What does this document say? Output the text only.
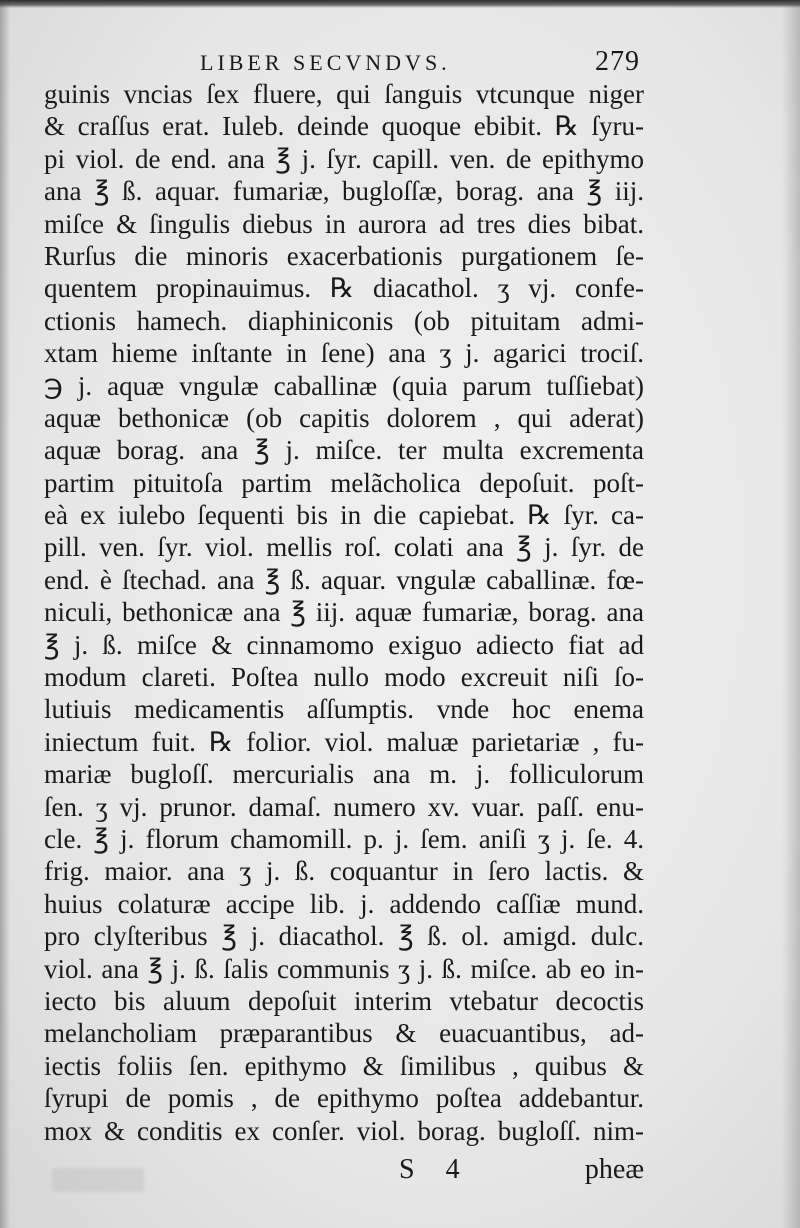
LIBER SECVNDVS.	279
guinis vncias ſex fluere, qui ſanguis vtcunque niger
& craſſus erat. Iuleb. deinde quoque ebibit. ℞ ſyru-
pi viol. de end. ana ℥ j. ſyr. capill. ven. de epithymo
ana ℥ ß. aquar. fumariæ, bugloſſæ, borag. ana ℥ iij.
miſce & ſingulis diebus in aurora ad tres dies bibat.
Rurſus die minoris exacerbationis purgationem ſe-
quentem propinauimus. ℞ diacathol. ʒ vj. confe-
ctionis hamech. diaphiniconis (ob pituitam admi-
xtam hieme inſtante in ſene) ana ʒ j. agarici trociſ.
℈ j. aquæ vngulæ caballinæ (quia parum tuſſiebat)
aquæ bethonicæ (ob capitis dolorem , qui aderat)
aquæ borag. ana ℥ j. miſce. ter multa excrementa
partim pituitoſa partim melãcholica depoſuit. poſt-
eà ex iulebo ſequenti bis in die capiebat. ℞ ſyr. ca-
pill. ven. ſyr. viol. mellis roſ. colati ana ℥ j. ſyr. de
end. è ſtechad. ana ℥ ß. aquar. vngulæ caballinæ. fœ-
niculi, bethonicæ ana ℥ iij. aquæ fumariæ, borag. ana
℥ j. ß. miſce & cinnamomo exiguo adiecto fiat ad
modum clareti. Poſtea nullo modo excreuit niſi ſo-
lutiuis medicamentis aſſumptis. vnde hoc enema
iniectum fuit. ℞ folior. viol. maluæ parietariæ , fu-
mariæ bugloſſ. mercurialis ana m. j. folliculorum
ſen. ʒ vj. prunor. damaſ. numero xv. vuar. paſſ. enu-
cle. ℥ j. florum chamomill. p. j. ſem. aniſi ʒ j. ſe. 4.
frig. maior. ana ʒ j. ß. coquantur in ſero lactis. &
huius colaturæ accipe lib. j. addendo caſſiæ mund.
pro clyſteribus ℥ j. diacathol. ℥ ß. ol. amigd. dulc.
viol. ana ℥ j. ß. ſalis communis ʒ j. ß. miſce. ab eo in-
iecto bis aluum depoſuit interim vtebatur decoctis
melancholiam præparantibus & euacuantibus, ad-
iectis foliis ſen. epithymo & ſimilibus , quibus &
ſyrupi de pomis , de epithymo poſtea addebantur.
mox & conditis ex conſer. viol. borag. bugloſſ. nim-
S 4	pheæ
